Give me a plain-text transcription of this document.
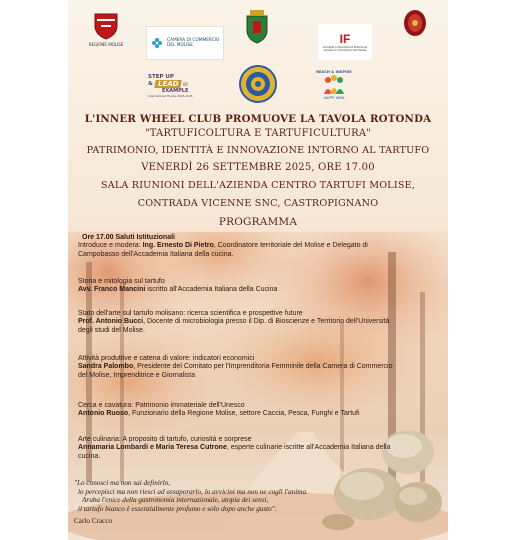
REGIONE MOLISE
CAMERA DI COMMERCIO
DEL MOLISE	IF
Comitato Imprenditoria Femminile
Camera di Commercio del Molise
STEP UP
& LEAD	BY
EXAMPLE
International Theme 2025-2026
REACH & INSPIRE
HAPPY IWIW
L'INNER WHEEL CLUB PROMUOVE LA TAVOLA ROTONDA
"TARTUFICOLTURA E TARTUFICULTURA"
PATRIMONIO, IDENTITÀ E INNOVAZIONE INTORNO AL TARTUFO
VENERDÌ 26 SETTEMBRE 2025, ORE 17.00
SALA RIUNIONI DELL'AZIENDA CENTRO TARTUFI MOLISE,
CONTRADA VICENNE SNC, CASTROPIGNANO
PROGRAMMA
Ore 17.00 Saluti Istituzionali
Introduce e modera: Ing. Ernesto Di Pietro, Coordinatore territoriale del Molise e Delegato di
Campobasso dell'Accademia Italiana della cucina.
Storia e mitologia sul tartufo
Avv. Franco Mancini iscritto all'Accademia Italiana della Cucina
Stato dell'arte sul tartufo molisano: ricerca scientifica e prospettive future
Prof. Antonio Bucci, Docente di microbiologia presso il Dip. di Bioscienze e Territorio dell'Università
degli studi del Molise.
Attività produttive e catena di valore: indicatori economici
Sandra Palombo, Presidente del Comitato per l'Imprenditoria Femminile della Camera di Commercio
del Molise, Imprenditrice e Giornalista
Cerca e cavatura: Patrimonio immateriale dell'Unesco
Antonio Ruoso, Funzionario della Regione Molise, settore Caccia, Pesca, Funghi e Tartufi
Arte culinaria: A proposito di tartufo, curiosità e sorprese
Annamaria Lombardi e Maria Teresa Cutrone, esperte culinarie iscritte all'Accademia Italiana della
cucina.
"Lo conosci ma non sai definirlo,
lo percepisci ma non riesci ad assaporarlo, lo avvicini ma non ne cogli l'anima.
Aruba l'enice della gastronomia internazionale, utopia dei sensi,
il tartufo bianco è essenzialmente profumo e solo dopo anche gusto".
Carlo Cracco
